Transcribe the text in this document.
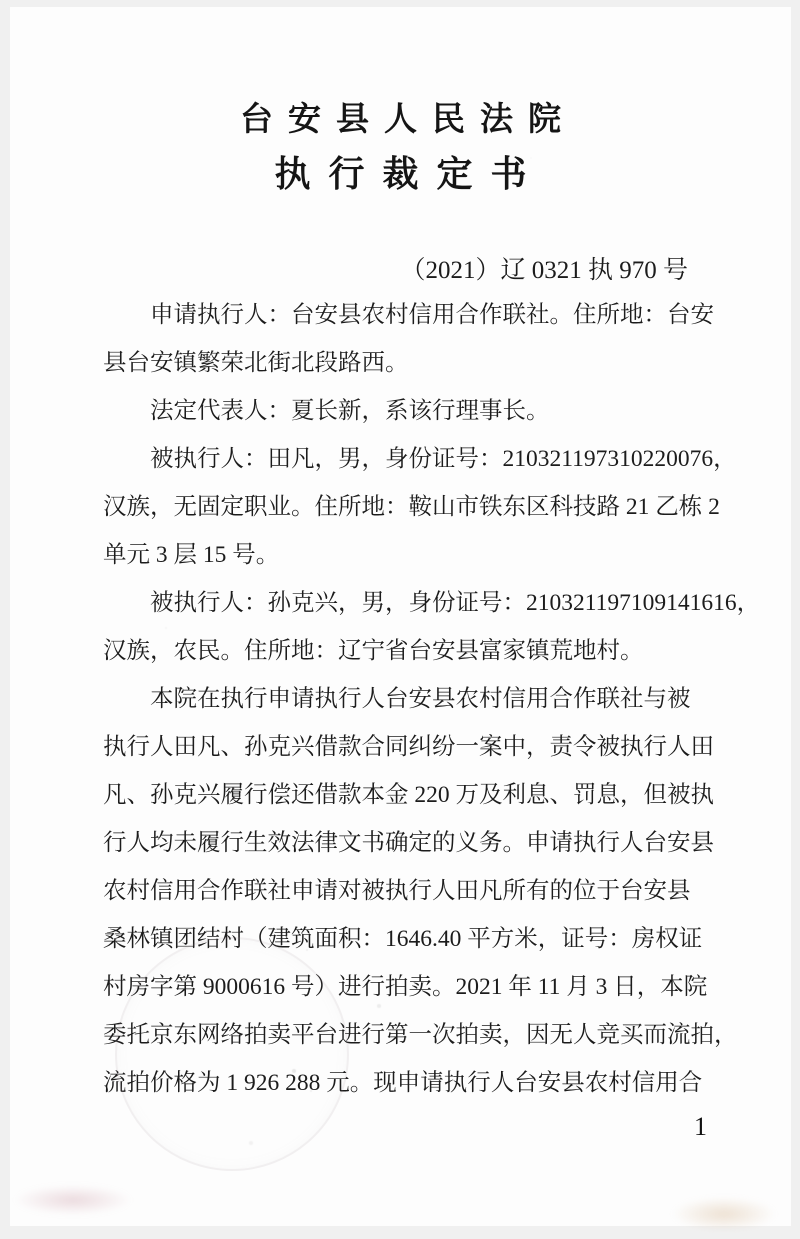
台安县人民法院
执行裁定书
（2021）辽 0321 执 970 号
申请执行人：台安县农村信用合作联社。住所地：台安
县台安镇繁荣北街北段路西。
法定代表人：夏长新，系该行理事长。
被执行人：田凡，男，身份证号：210321197310220076，
汉族，无固定职业。住所地：鞍山市铁东区科技路 21 乙栋 2
单元 3 层 15 号。
被执行人：孙克兴，男，身份证号：210321197109141616，
汉族，农民。住所地：辽宁省台安县富家镇荒地村。
本院在执行申请执行人台安县农村信用合作联社与被
执行人田凡、孙克兴借款合同纠纷一案中，责令被执行人田
凡、孙克兴履行偿还借款本金 220 万及利息、罚息，但被执
行人均未履行生效法律文书确定的义务。申请执行人台安县
农村信用合作联社申请对被执行人田凡所有的位于台安县
桑林镇团结村（建筑面积：1646.40 平方米，证号：房权证
村房字第 9000616 号）进行拍卖。2021 年 11 月 3 日，本院
委托京东网络拍卖平台进行第一次拍卖，因无人竞买而流拍，
流拍价格为 1 926 288 元。现申请执行人台安县农村信用合
1
